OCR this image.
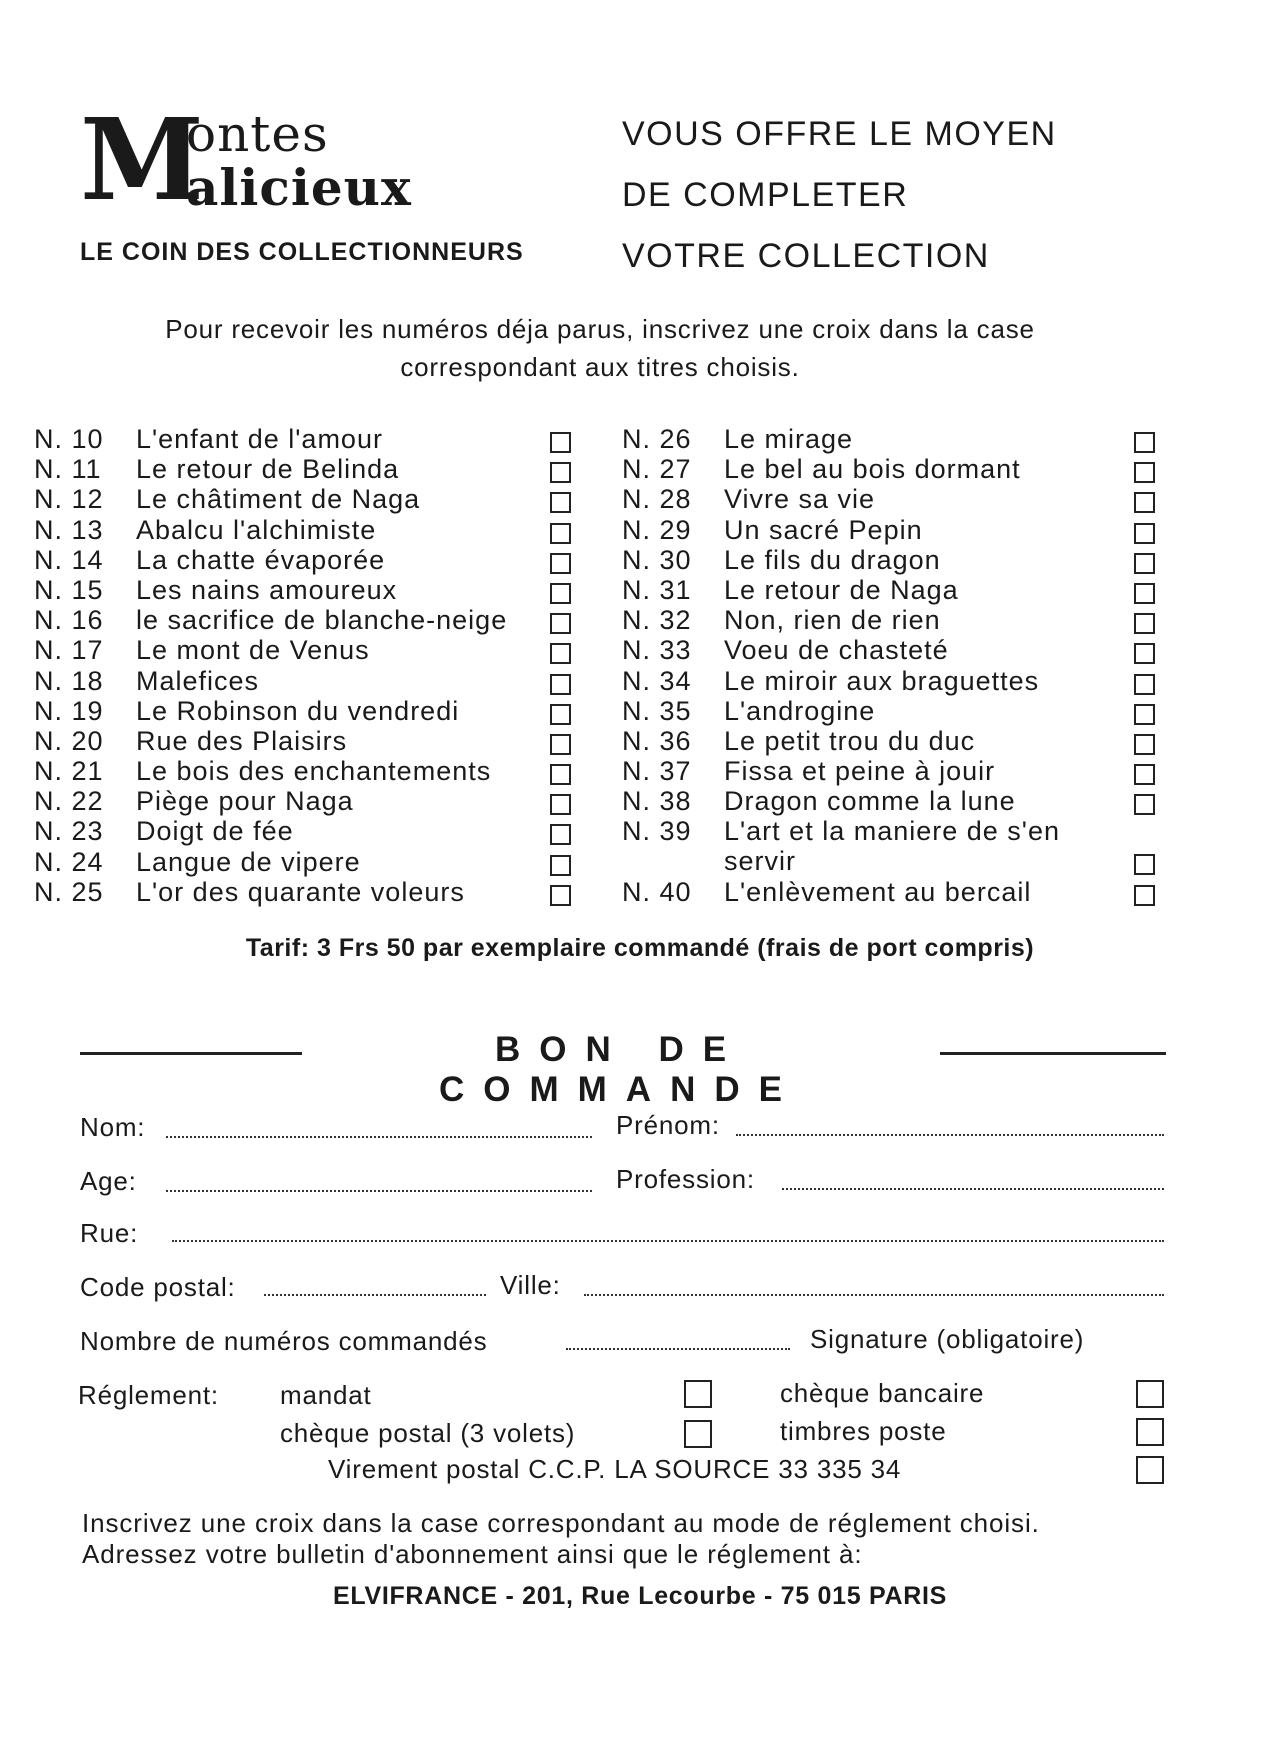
M
ontes
alicieux
LE COIN DES COLLECTIONNEURS
VOUS OFFRE LE MOYEN
DE COMPLETER
VOTRE COLLECTION
Pour recevoir les numéros déja parus, inscrivez une croix dans la case correspondant aux titres choisis.
N. 10 L'enfant de l'amour
N. 11 Le retour de Belinda
N. 12 Le châtiment de Naga
N. 13 Abalcu l'alchimiste
N. 14 La chatte évaporée
N. 15 Les nains amoureux
N. 16 le sacrifice de blanche-neige
N. 17 Le mont de Venus
N. 18 Malefices
N. 19 Le Robinson du vendredi
N. 20 Rue des Plaisirs
N. 21 Le bois des enchantements
N. 22 Piège pour Naga
N. 23 Doigt de fée
N. 24 Langue de vipere
N. 25 L'or des quarante voleurs
N. 26 Le mirage
N. 27 Le bel au bois dormant
N. 28 Vivre sa vie
N. 29 Un sacré Pepin
N. 30 Le fils du dragon
N. 31 Le retour de Naga
N. 32 Non, rien de rien
N. 33 Voeu de chasteté
N. 34 Le miroir aux braguettes
N. 35 L'androgine
N. 36 Le petit trou du duc
N. 37 Fissa et peine à jouir
N. 38 Dragon comme la lune
N. 39 L'art et la maniere de s'en servir
N. 40 L'enlèvement au bercail
Tarif: 3 Frs 50 par exemplaire commandé (frais de port compris)
BON DE COMMANDE
Nom:	Prénom:
Age:	Profession:
Rue:
Code postal:	Ville:
Nombre de numéros commandés	Signature (obligatoire)
Réglement: mandat	chèque bancaire
chèque postal (3 volets)	timbres poste
Virement postal C.C.P. LA SOURCE 33 335 34
Inscrivez une croix dans la case correspondant au mode de réglement choisi.
Adressez votre bulletin d'abonnement ainsi que le réglement à:
ELVIFRANCE - 201, Rue Lecourbe - 75 015 PARIS
